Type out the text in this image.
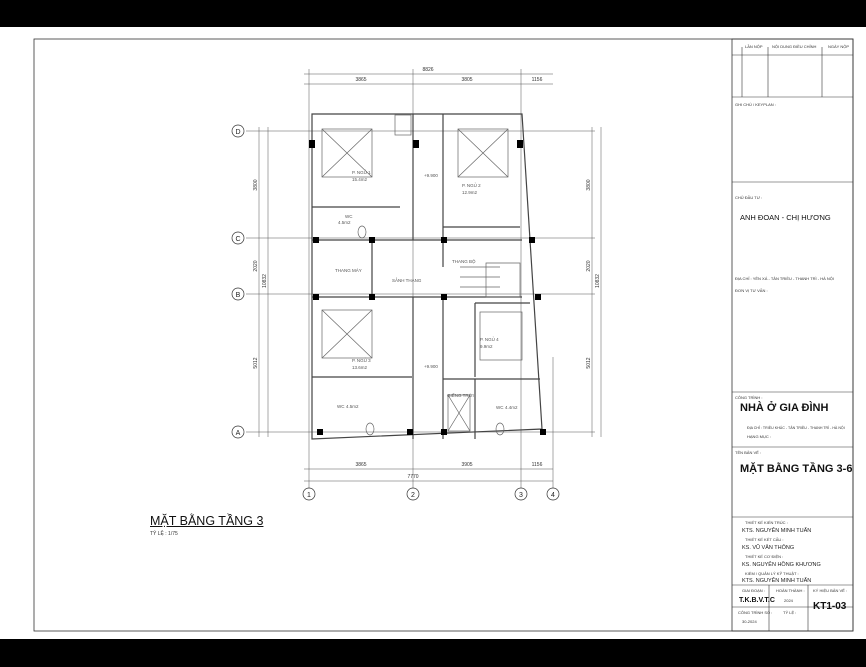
8826
3865	3805	1156
3865	3905	1156
7770
3800
2020
5012
10832
3800
2020
5012
10832
D
C
B
A
1	2	3	4
P. NGỦ 1
15.4m2
P. NGỦ 2
12.9m2
WC
4.5m2
THANG MÁY
SẢNH THANG
THANG BỘ
P. NGỦ 3
13.6m2
P. NGỦ 4
9.9m2
WC 4.5m2
GIẾNG TRỜI
WC 4.4m2
+9.900
+9.900
MẶT BẰNG TẦNG 3
TỶ LỆ : 1/75
LẦN NỘP NỘI DUNG ĐIỀU CHỈNH	NGÀY NỘP
GHI CHÚ / KEYPLAN :
CHỦ ĐẦU TƯ :
ANH ĐOAN - CHỊ HƯƠNG
ĐỊA CHỈ : YÊN XÁ - TÂN TRIỀU - THANH TRÌ - HÀ NỘI
ĐƠN VỊ TƯ VẤN :
CÔNG TRÌNH :
NHÀ Ở GIA ĐÌNH
ĐỊA CHỈ : TRIỀU KHÚC - TÂN TRIỀU - THANH TRÌ - HÀ NỘI
HẠNG MỤC :
TÊN BẢN VẼ :
MẶT BẰNG TẦNG 3-6
THIẾT KẾ KIẾN TRÚC :
KTS. NGUYỄN MINH TUẤN
THIẾT KẾ KẾT CẤU :
KS. VŨ VĂN THÔNG
THIẾT KẾ CƠ ĐIỆN :
KS. NGUYỄN HỒNG KHƯƠNG
KIỂM / QUẢN LÝ KỸ THUẬT :
KTS. NGUYỄN MINH TUẤN
GIAI ĐOẠN :
T.K.B.V.T.C
HOÀN THÀNH :
2024
KÝ HIỆU BẢN VẼ :
KT1-03
CÔNG TRÌNH SỐ :
30-2024
TỶ LỆ :
